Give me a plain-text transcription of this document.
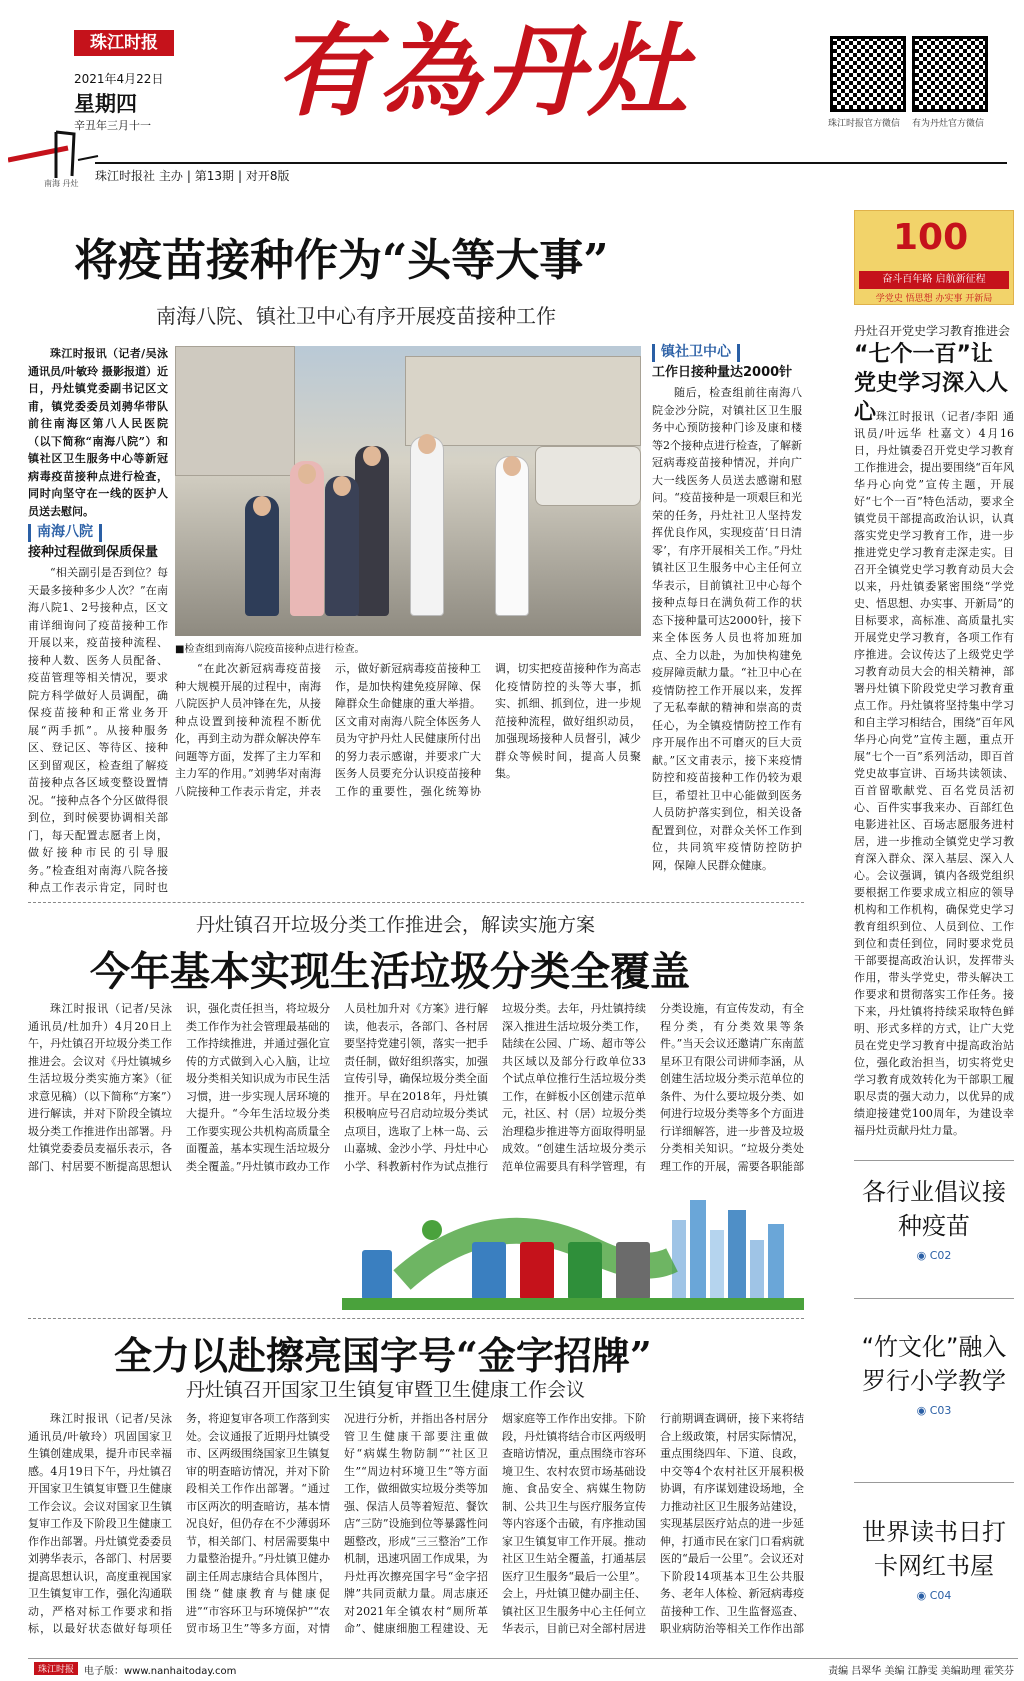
珠江时报
2021年4月22日
星期四
辛丑年三月十一
南海 丹灶
有為丹灶	珠江时报官方微信 有为丹灶官方微信
珠江时报社 主办 | 第13期 | 对开8版
将疫苗接种作为“头等大事”
南海八院、镇社卫中心有序开展疫苗接种工作

珠江时报讯（记者/吴泳通讯员/叶敏玲 摄影报道）近日，丹灶镇党委副书记区文甫，镇党委委员刘骋华带队前往南海区第八人民医院（以下简称“南海八院”）和镇社区卫生服务中心等新冠病毒疫苗接种点进行检查，同时向坚守在一线的医护人员送去慰问。

南海八院
接种过程做到保质保量

“相关副引是否到位？每天最多接种多少人次？”在南海八院1、2号接种点，区文甫详细询问了疫苗接种工作开展以来，疫苗接种流程、接种人数、医务人员配备、疫苗管理等相关情况，要求院方科学做好人员调配，确保疫苗接种和正常业务开展“两手抓”。从接种服务区、登记区、等待区、接种区到留观区，检查组了解疫苗接种点各区域变整设置情况。“接种点各个分区做得很到位，到时候要协调相关部门，每天配置志愿者上岗，做好接种市民的引导服务。”检查组对南海八院各接种点工作表示肯定，同时也

■检查组到南海八院疫苗接种点进行检查。

“在此次新冠病毒疫苗接种大规模开展的过程中，南海八院医护人员冲锋在先，从接种点设置到接种流程不断优化，再到主动为群众解决停车问题等方面，发挥了主力军和主力军的作用。”刘骋华对南海八院接种工作表示肯定，并表示，做好新冠病毒疫苗接种工作，是加快构建免疫屏障、保障群众生命健康的重大举措。区文甫对南海八院全体医务人员为守护丹灶人民健康所付出的努力表示感谢，并要求广大医务人员要充分认识疫苗接种工作的重要性，强化统筹协调，切实把疫苗接种作为高志化疫情防控的头等大事，抓实、抓细、抓到位，进一步规范接种流程，做好组织动员，加强现场接种人员督引，减少群众等候时间，提高人员聚集。

镇社卫中心
工作日接种量达2000针

随后，检查组前往南海八院金沙分院，对镇社区卫生服务中心预防接种门诊及康和楼等2个接种点进行检查，了解新冠病毒疫苗接种情况，并向广大一线医务人员送去感谢和慰问。“疫苗接种是一项艰巨和光荣的任务，丹灶社卫人坚持发挥优良作风，实现疫苗‘日日清零’，有序开展相关工作。”丹灶镇社区卫生服务中心主任何立华表示，目前镇社卫中心每个接种点每日在满负荷工作的状态下接种量可达2000针，接下来全体医务人员也将加班加点、全力以赴，为加快构建免疫屏障贡献力量。“社卫中心在疫情防控工作开展以来，发挥了无私奉献的精神和崇高的责任心，为全镇疫情防控工作有序开展作出不可磨灭的巨大贡献。”区文甫表示，接下来疫情防控和疫苗接种工作仍较为艰巨，希望社卫中心能做到医务人员防护落实到位，相关设备配置到位，对群众关怀工作到位，共同筑牢疫情防控防护网，保障人民群众健康。

丹灶镇召开垃圾分类工作推进会，解读实施方案
今年基本实现生活垃圾分类全覆盖

珠江时报讯（记者/吴泳通讯员/杜加升）4月20日上午，丹灶镇召开垃圾分类工作推进会。会议对《丹灶镇城乡生活垃圾分类实施方案》（征求意见稿）（以下简称“方案”）进行解读，并对下阶段全镇垃圾分类工作推进作出部署。丹灶镇党委委员麦福乐表示，各部门、村居要不断提高思想认识，强化责任担当，将垃圾分类工作作为社会管理最基础的工作持续推进，并通过强化宣传的方式做到入心入脑，让垃圾分类相关知识成为市民生活习惯，进一步实现人居环境的大提升。“今年生活垃圾分类工作要实现公共机构高质量全面覆盖，基本实现生活垃圾分类全覆盖。”丹灶镇市政办工作人员杜加升对《方案》进行解读，他表示，各部门、各村居要坚持党建引领，落实一把手责任制，做好组织落实，加强宣传引导，确保垃圾分类全面推开。早在2018年，丹灶镇积极响应号召启动垃圾分类试点项目，选取了上林一岛、云山嘉城、金沙小学、丹灶中心小学、科教新村作为试点推行垃圾分类。去年，丹灶镇持续深入推进生活垃圾分类工作，陆续在公园、广场、超市等公共区域以及部分行政单位33个试点单位推行生活垃圾分类工作，在鲜板小区创建示范单元，社区、村（居）垃圾分类治理稳步推进等方面取得明显成效。“创建生活垃圾分类示范单位需要具有科学管理，有分类设施，有宣传发动，有全程分类，有分类效果等条件。”当天会议还邀请广东南蓝星环卫有限公司讲师李涵，从创建生活垃圾分类示范单位的条件、为什么要垃圾分类、如何进行垃圾分类等多个方面进行详细解答，进一步普及垃圾分类相关知识。“垃圾分类处理工作的开展，需要各职能部

全力以赴擦亮国字号“金字招牌”
丹灶镇召开国家卫生镇复审暨卫生健康工作会议

珠江时报讯（记者/吴泳通讯员/叶敏玲）巩固国家卫生镇创建成果，提升市民幸福感。4月19日下午，丹灶镇召开国家卫生镇复审暨卫生健康工作会议。会议对国家卫生镇复审工作及下阶段卫生健康工作作出部署。丹灶镇党委委员刘骋华表示，各部门、村居要提高思想认识，高度重视国家卫生镇复审工作，强化沟通联动，严格对标工作要求和指标，以最好状态做好每项任务，将迎复审各项工作落到实处。会议通报了近期丹灶镇受市、区两级围绕国家卫生镇复审的明查暗访情况，并对下阶段相关工作作出部署。“通过市区两次的明查暗访，基本情况良好，但仍存在不少薄弱环节，相关部门、村居需要集中力量整治提升。”丹灶镇卫健办副主任周志康结合具体图片，围绕“健康教育与健康促进”“市容环卫与环境保护”“农贸市场卫生”等多方面，对情况进行分析，并指出各村居分管卫生健康干部要注重做好“病媒生物防制”“社区卫生”“周边村环境卫生”等方面工作，做细做实垃圾分类等加强、保洁人员等着短范、餐饮店“三防”设施到位等暴露性问题整改，形成“三三整治”工作机制，迅速巩固工作成果，为丹灶再次擦亮国字号“金字招牌”共同贡献力量。周志康还对2021年全镇农村“厕所革命”、健康细胞工程建设、无烟家庭等工作作出安排。下阶段，丹灶镇将结合市区两级明查暗访情况，重点围绕市容环境卫生、农村农贸市场基础设施、食品安全、病媒生物防制、公共卫生与医疗服务宣传等内容逐个击破，有序推动国家卫生镇复审工作开展。推动社区卫生站全覆盖，打通基层医疗卫生服务“最后一公里”。会上，丹灶镇卫健办副主任、镇社区卫生服务中心主任何立华表示，目前已对全部村居进行前期调查调研，接下来将结合上级政策，村居实际情况，重点围绕四年、下道、良政，中交等4个农村社区开展积极协调，有序谋划建设场地，全力推动社区卫生服务站建设，实现基层医疗站点的进一步延伸，打通市民在家门口看病就医的“最后一公里”。会议还对下阶段14项基本卫生公共服务、老年人体检、新冠病毒疫苗接种工作、卫生监督巡查、职业病防治等相关工作作出部

100
奋斗百年路 启航新征程
学党史 悟思想 办实事 开新局
丹灶召开党史学习教育推进会
“七个一百”让党史学习深入人心 珠江时报讯（记者/李阳 通讯员/叶远华 杜嘉文）4月16日，丹灶镇委召开党史学习教育工作推进会，提出要围绕“百年风华丹心向党”宣传主题，开展好“七个一百”特色活动，要求全镇党员干部提高政治认识，认真落实党史学习教育工作，进一步推进党史学习教育走深走实。目召开全镇党史学习教育动员大会以来，丹灶镇委紧密围绕“学党史、悟思想、办实事、开新局”的目标要求，高标准、高质量扎实开展党史学习教育，各项工作有序推进。会议传达了上级党史学习教育动员大会的相关精神，部署丹灶镇下阶段党史学习教育重点工作。丹灶镇将坚持集中学习和自主学习相结合，围绕“百年风华丹心向党”宣传主题，重点开展“七个一百”系列活动，即百首党史故事宣讲、百场共读领读、百首留歌献党、百名党员活初心、百件实事我来办、百部红色电影进社区、百场志愿服务进村居，进一步推动全镇党史学习教育深入群众、深入基层、深入人心。会议强调，镇内各级党组织要根据工作要求成立相应的领导机构和工作机构，确保党史学习教育组织到位、人员到位、工作到位和责任到位，同时要求党员干部要提高政治认识，发挥带头作用，带头学党史，带头解决工作要求和贯彻落实工作任务。接下来，丹灶镇将持续采取特色鲜明、形式多样的方式，让广大党员在党史学习教育中提高政治站位，强化政治担当，切实将党史学习教育成效转化为干部职工履职尽责的强大动力，以优异的成绩迎接建党100周年，为建设幸福丹灶贡献丹灶力量。

各行业倡议接种疫苗
◉ C02
“竹文化”融入罗行小学教学
◉ C03
世界读书日打卡网红书屋
◉ C04
珠江时报 电子版：www.nanhaitoday.com	责编 吕翠华 美编 江静雯 美编助理 霍笑芬
